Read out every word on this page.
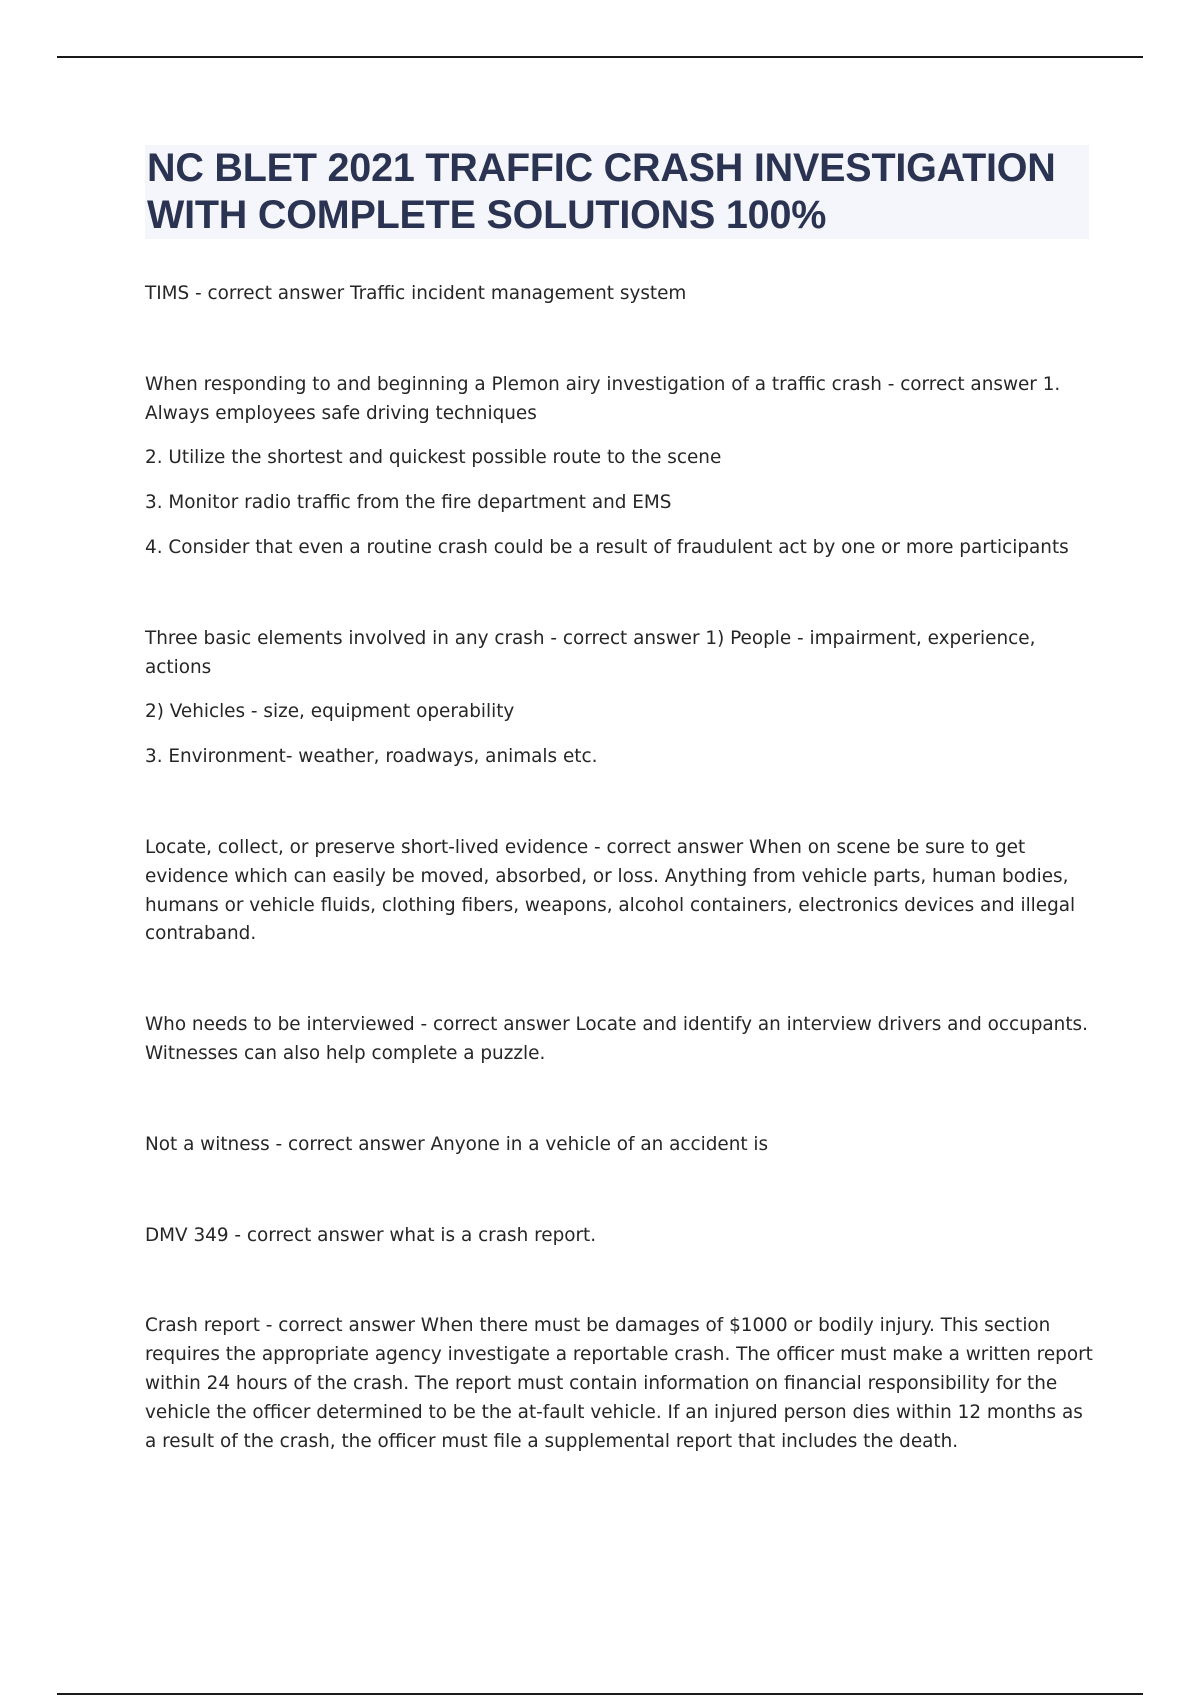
NC BLET 2021 TRAFFIC CRASH INVESTIGATION
WITH COMPLETE SOLUTIONS 100%

TIMS - correct answer Traffic incident management system

When responding to and beginning a Plemon airy investigation of a traffic crash - correct answer 1. Always employees safe driving techniques

2. Utilize the shortest and quickest possible route to the scene

3. Monitor radio traffic from the fire department and EMS

4. Consider that even a routine crash could be a result of fraudulent act by one or more participants

Three basic elements involved in any crash - correct answer 1) People - impairment, experience, actions

2) Vehicles - size, equipment operability

3. Environment- weather, roadways, animals etc.

Locate, collect, or preserve short-lived evidence - correct answer When on scene be sure to get evidence which can easily be moved, absorbed, or loss. Anything from vehicle parts, human bodies, humans or vehicle fluids, clothing fibers, weapons, alcohol containers, electronics devices and illegal contraband.

Who needs to be interviewed - correct answer Locate and identify an interview drivers and occupants. Witnesses can also help complete a puzzle.

Not a witness - correct answer Anyone in a vehicle of an accident is

DMV 349 - correct answer what is a crash report.

Crash report - correct answer When there must be damages of $1000 or bodily injury. This section requires the appropriate agency investigate a reportable crash. The officer must make a written report within 24 hours of the crash. The report must contain information on financial responsibility for the vehicle the officer determined to be the at-fault vehicle. If an injured person dies within 12 months as a result of the crash, the officer must file a supplemental report that includes the death.
